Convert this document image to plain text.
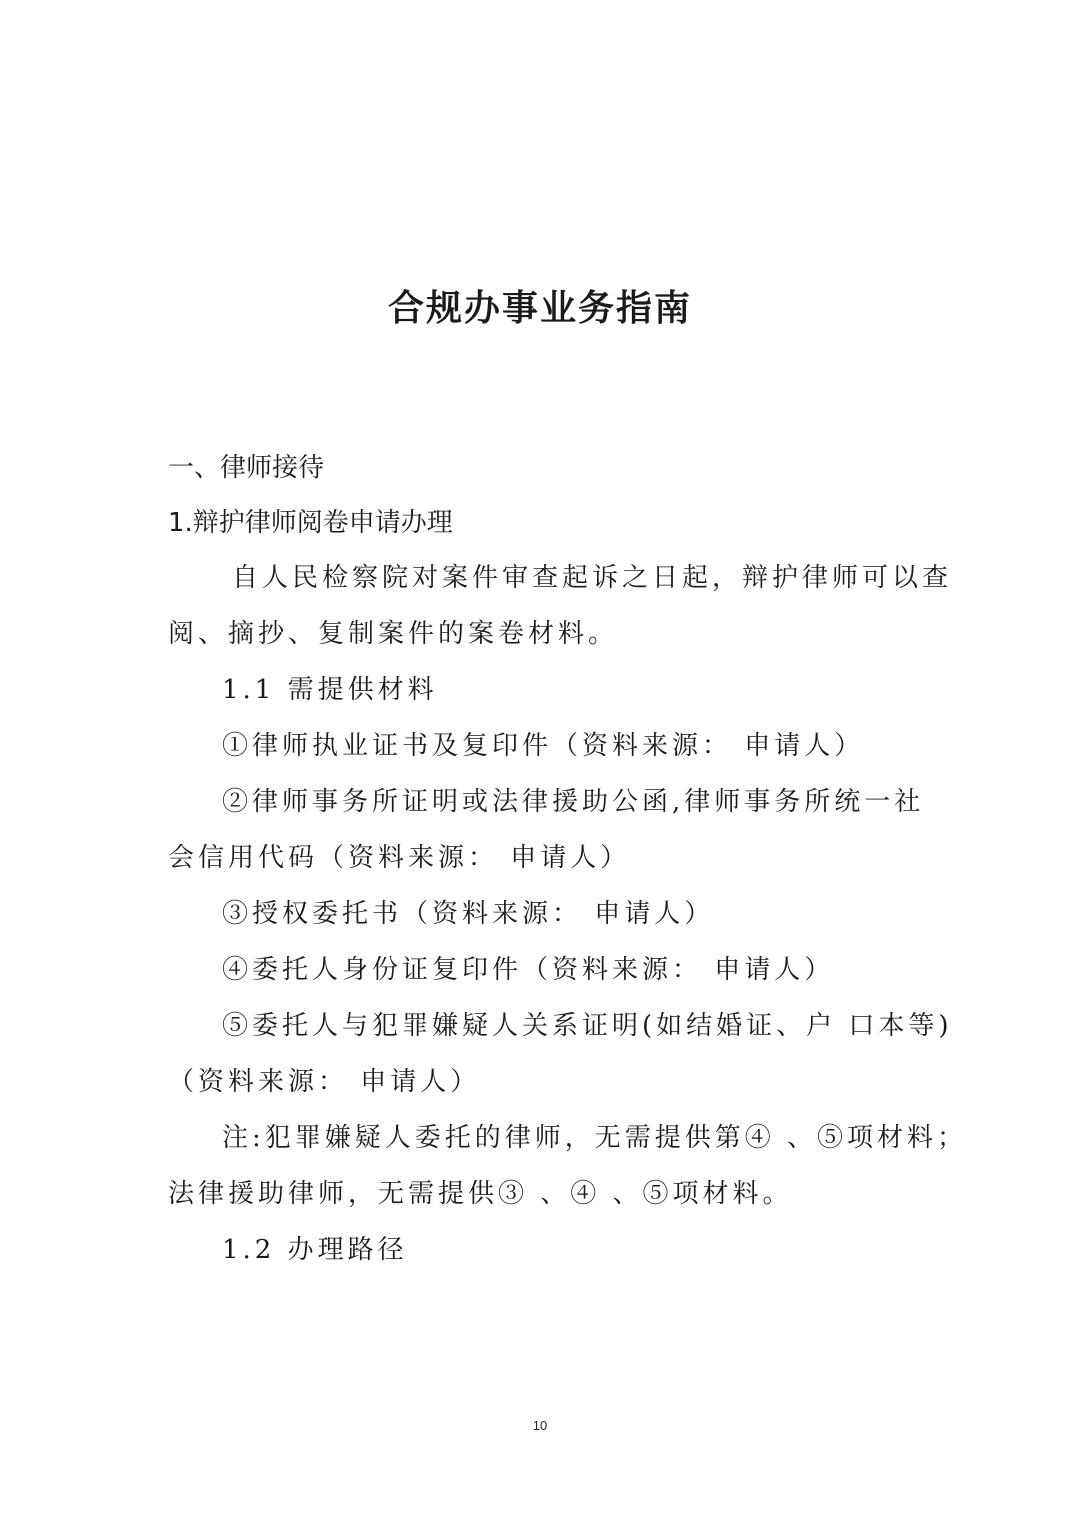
合规办事业务指南
一、律师接待
1.辩护律师阅卷申请办理
自人民检察院对案件审查起诉之日起，辩护律师可以查
阅、摘抄、复制案件的案卷材料。
1.1 需提供材料
①律师执业证书及复印件（资料来源： 申请人）
②律师事务所证明或法律援助公函,律师事务所统一社
会信用代码（资料来源： 申请人）
③授权委托书（资料来源： 申请人）
④委托人身份证复印件（资料来源： 申请人）
⑤委托人与犯罪嫌疑人关系证明(如结婚证、户 口本等)
（资料来源： 申请人）
注:犯罪嫌疑人委托的律师，无需提供第④ 、⑤项材料；
法律援助律师，无需提供③ 、④ 、⑤项材料。
1.2 办理路径
10
